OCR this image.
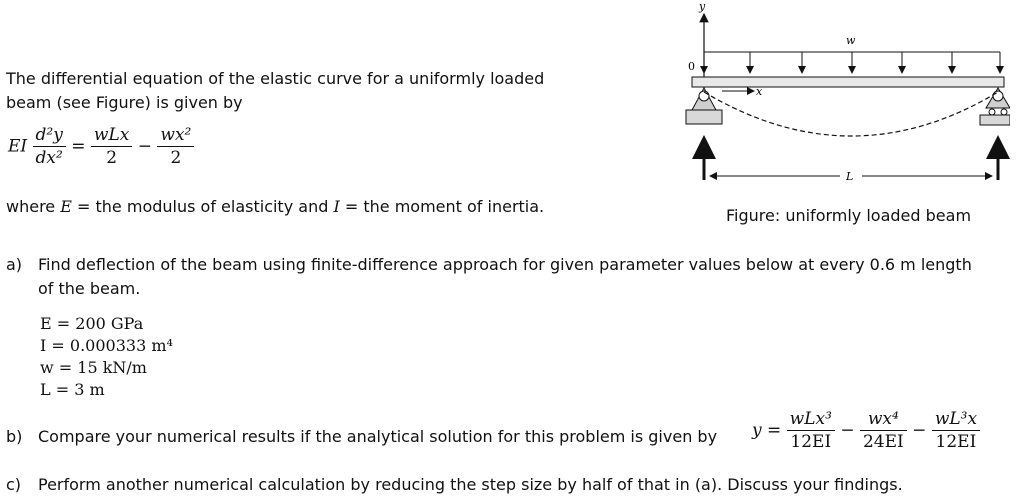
The differential equation of the elastic curve for a uniformly loaded
beam (see Figure) is given by
EI $\frac{\text{d²y}}{\text{dx²}} = \frac{\text{wLx}}{2} - \frac{\text{wx²}}{2}$
where E = the modulus of elasticity and I = the moment of inertia.
y
0
w
x
L
Figure: uniformly loaded beam
a) Find deflection of the beam using finite-difference approach for given parameter values below at every 0.6 m length
of the beam.
E = 200 GPa
I = 0.000333 m⁴
w = 15 kN/m
L = 3 m
b) Compare your numerical results if the analytical solution for this problem is given by $y = \frac{\text{wLx³}}{12EI} - \frac{\text{wx⁴}}{24EI} - \frac{\text{wL³x}}{12EI}$
c) Perform another numerical calculation by reducing the step size by half of that in (a). Discuss your findings.
